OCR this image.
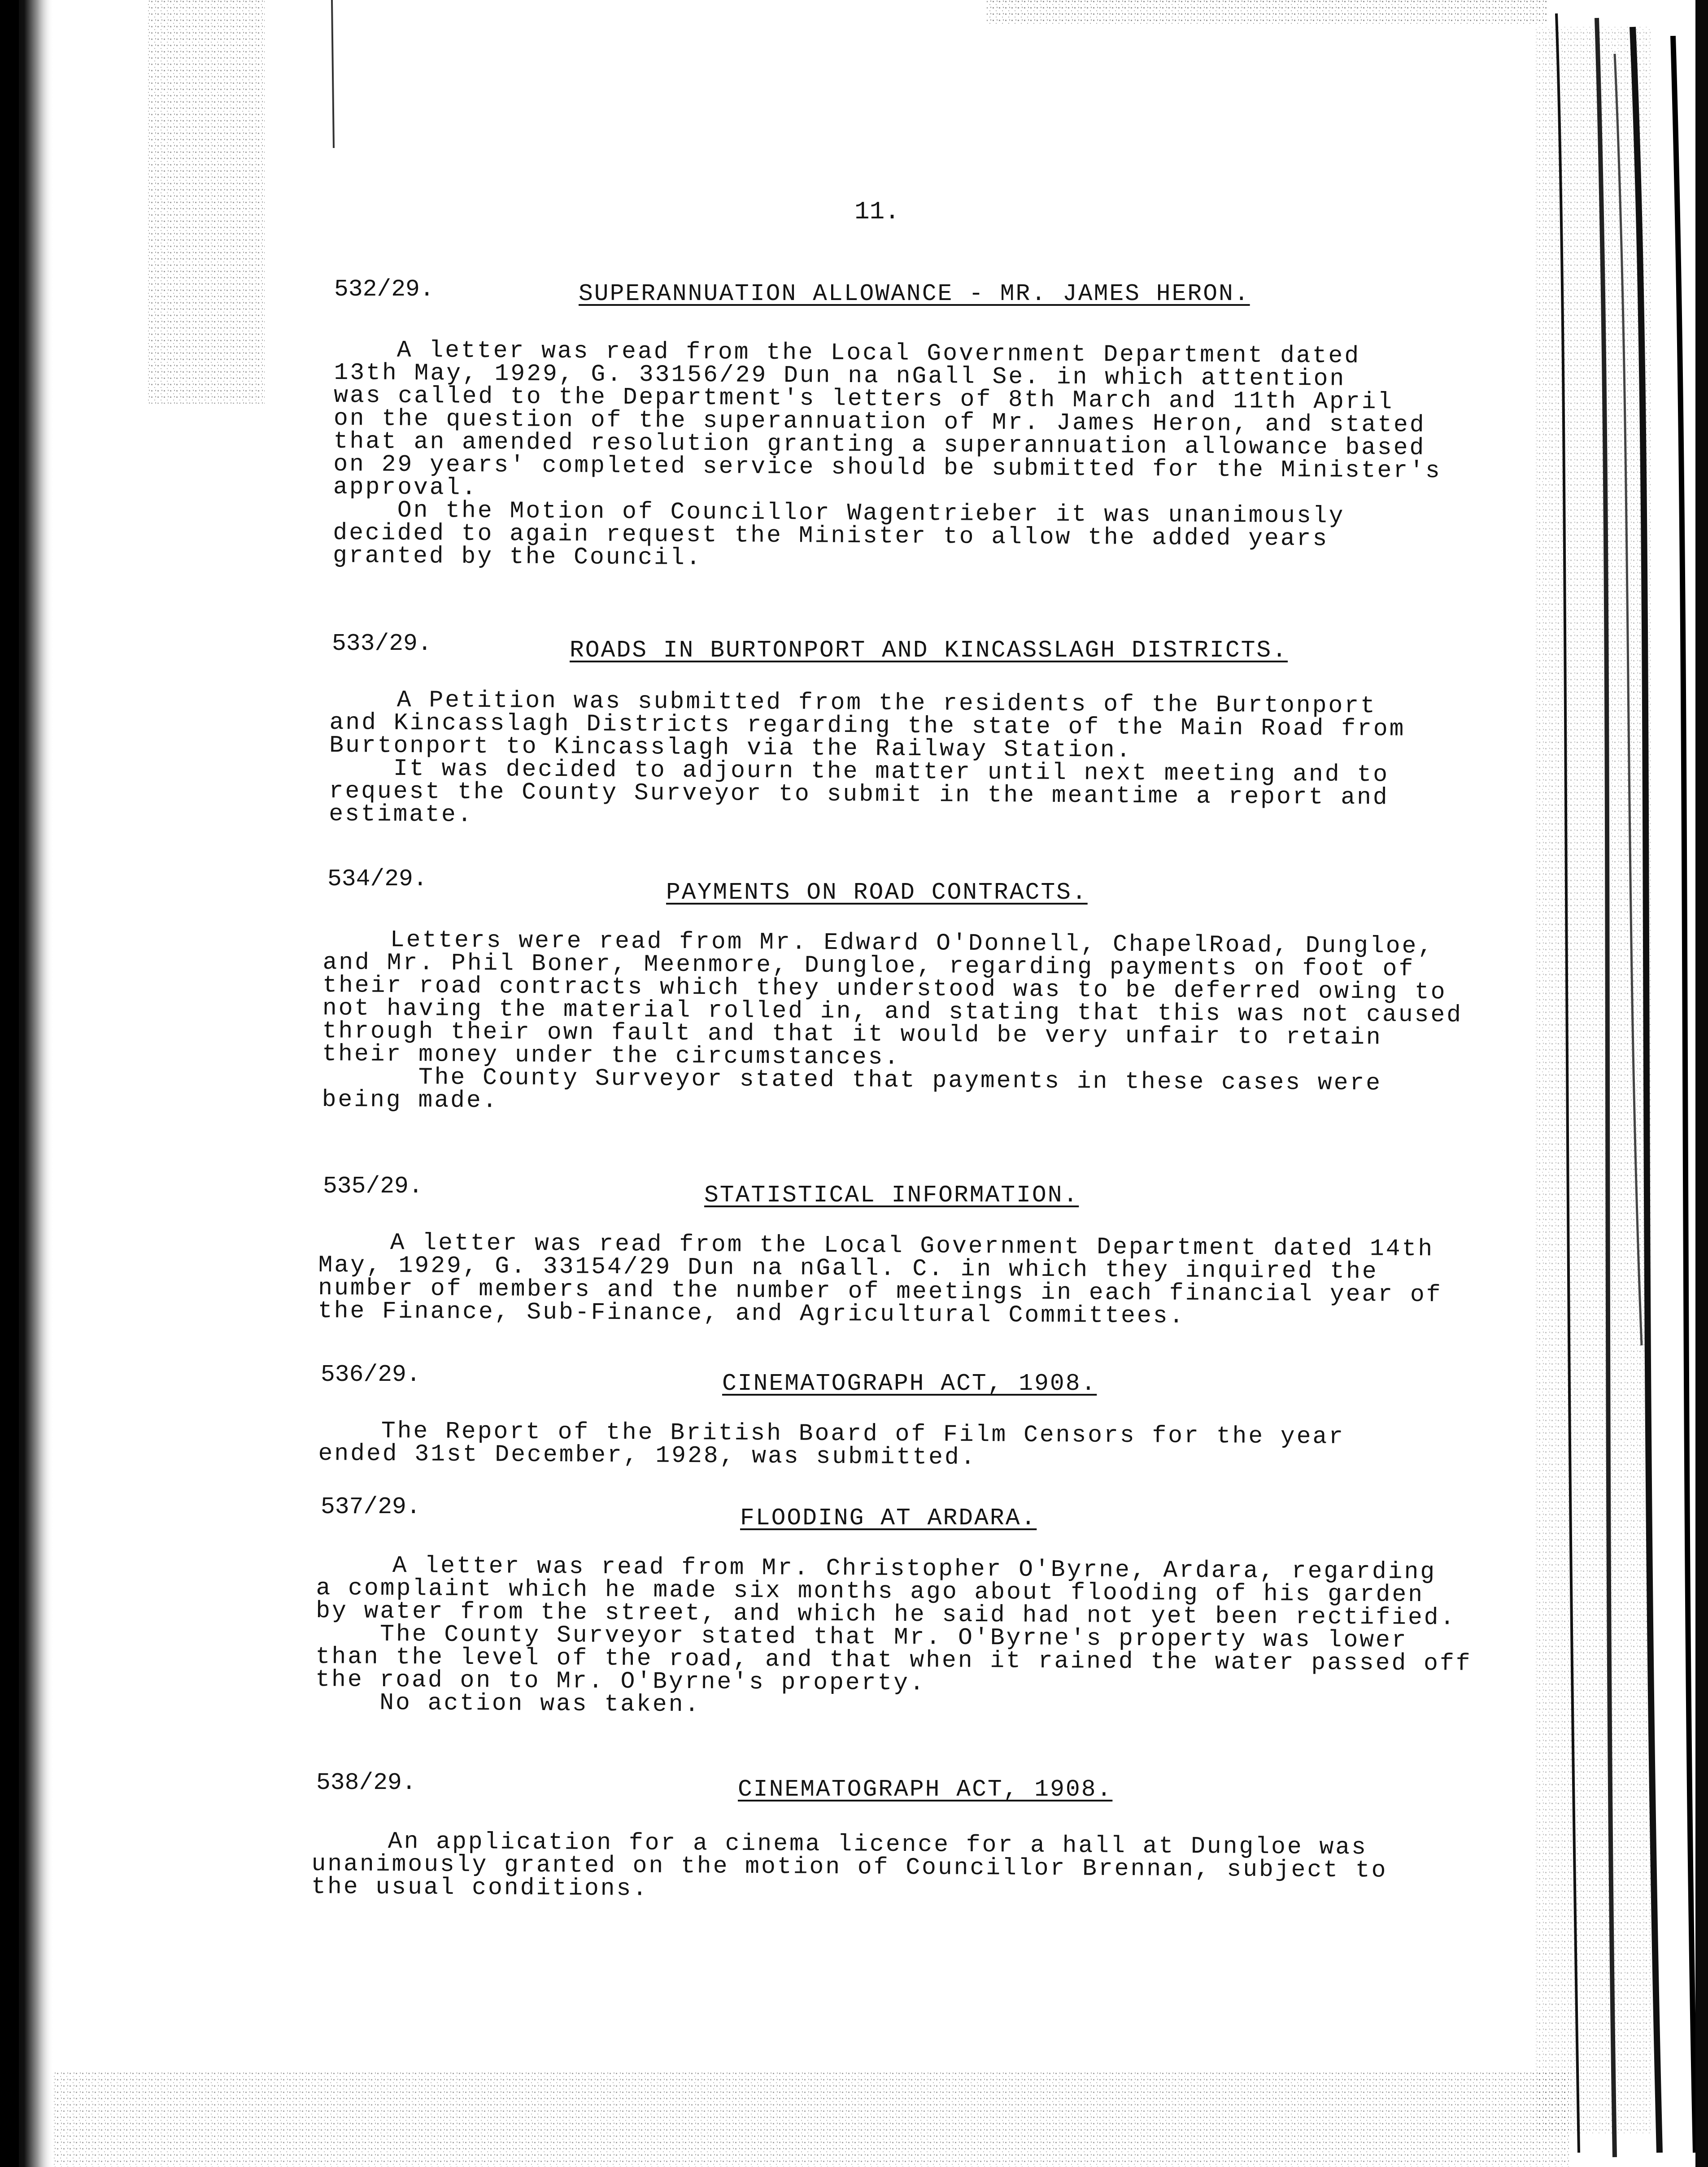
11.

532/29.	SUPERANNUATION ALLOWANCE - MR. JAMES HERON.

A letter was read from the Local Government Department dated
13th May, 1929, G. 33156/29 Dun na nGall Se. in which attention
was called to the Department's letters of 8th March and 11th April
on the question of the superannuation of Mr. James Heron, and stated
that an amended resolution granting a superannuation allowance based
on 29 years' completed service should be submitted for the Minister's
approval.
On the Motion of Councillor Wagentrieber it was unanimously
decided to again request the Minister to allow the added years
granted by the Council.

533/29.	ROADS IN BURTONPORT AND KINCASSLAGH DISTRICTS.

A Petition was submitted from the residents of the Burtonport
and Kincasslagh Districts regarding the state of the Main Road from
Burtonport to Kincasslagh via the Railway Station.
It was decided to adjourn the matter until next meeting and to
request the County Surveyor to submit in the meantime a report and
estimate.

534/29.	PAYMENTS ON ROAD CONTRACTS.

Letters were read from Mr. Edward O'Donnell, ChapelRoad, Dungloe,
and Mr. Phil Boner, Meenmore, Dungloe, regarding payments on foot of
their road contracts which they understood was to be deferred owing to
not having the material rolled in, and stating that this was not caused
through their own fault and that it would be very unfair to retain
their money under the circumstances.
The County Surveyor stated that payments in these cases were
being made.

535/29.	STATISTICAL INFORMATION.

A letter was read from the Local Government Department dated 14th
May, 1929, G. 33154/29 Dun na nGall. C. in which they inquired the
number of members and the number of meetings in each financial year of
the Finance, Sub-Finance, and Agricultural Committees.

536/29.	CINEMATOGRAPH ACT, 1908.

The Report of the British Board of Film Censors for the year
ended 31st December, 1928, was submitted.

537/29.	FLOODING AT ARDARA.

A letter was read from Mr. Christopher O'Byrne, Ardara, regarding
a complaint which he made six months ago about flooding of his garden
by water from the street, and which he said had not yet been rectified.
The County Surveyor stated that Mr. O'Byrne's property was lower
than the level of the road, and that when it rained the water passed off
the road on to Mr. O'Byrne's property.
No action was taken.

538/29.	CINEMATOGRAPH ACT, 1908.

An application for a cinema licence for a hall at Dungloe was
unanimously granted on the motion of Councillor Brennan, subject to
the usual conditions.
